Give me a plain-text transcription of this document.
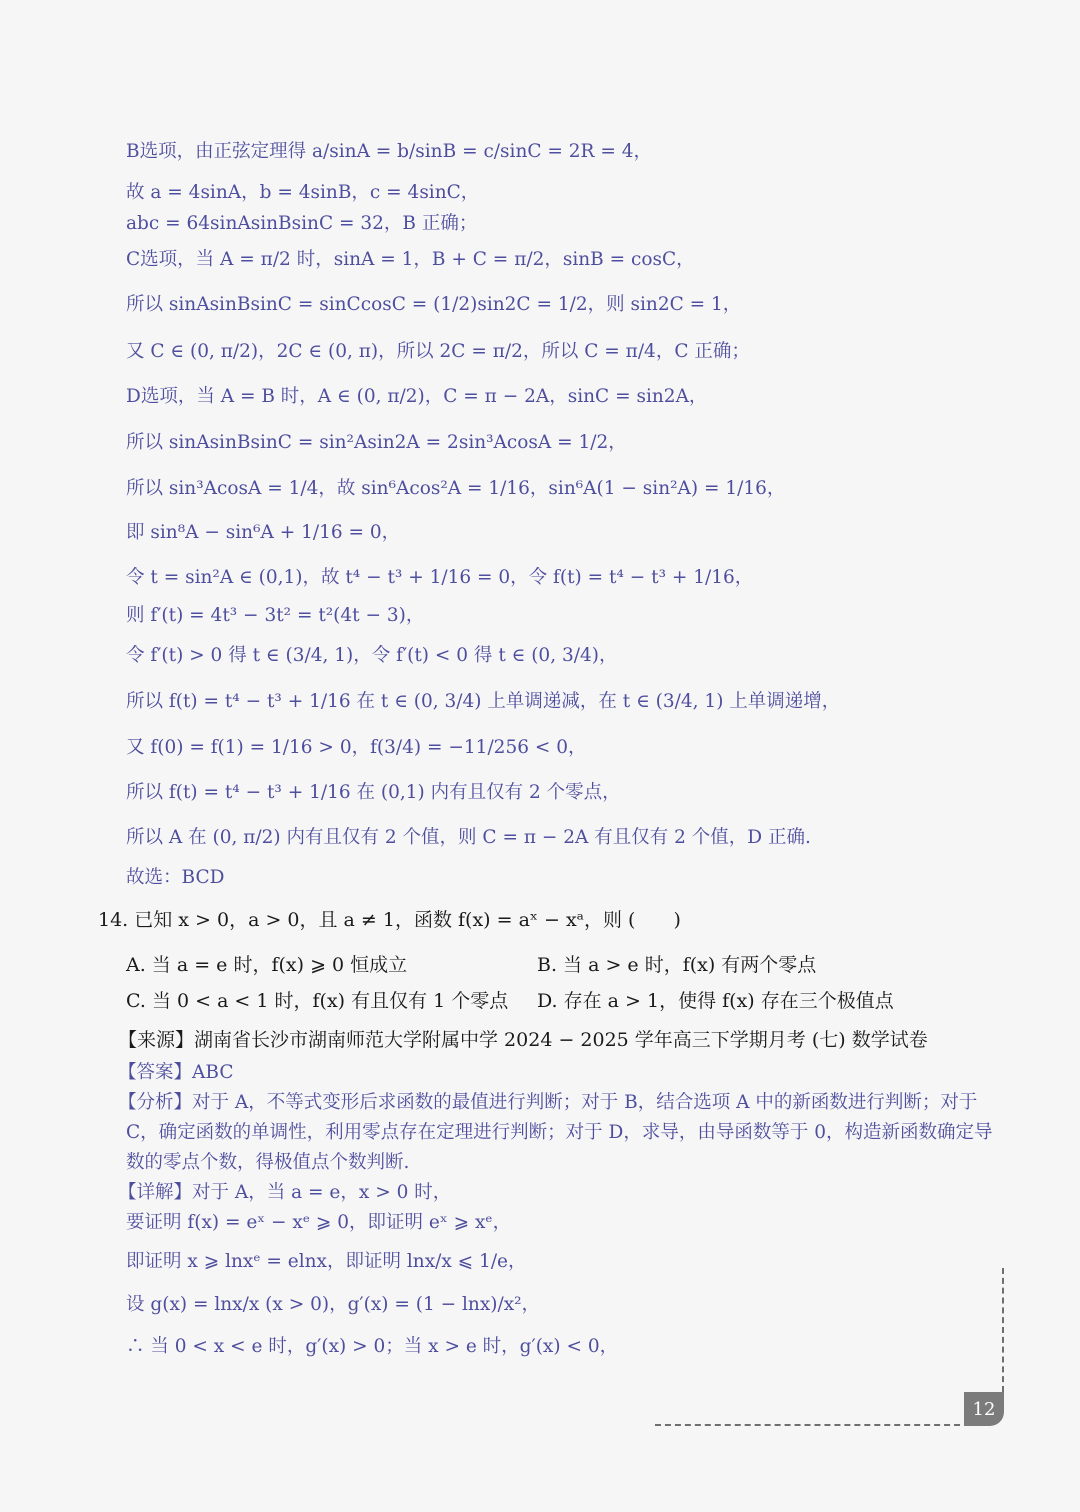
B选项，由正弦定理得 a/sinA = b/sinB = c/sinC = 2R = 4，
故 a = 4sinA，b = 4sinB，c = 4sinC，
abc = 64sinAsinBsinC = 32，B 正确；
C选项，当 A = π/2 时，sinA = 1，B + C = π/2，sinB = cosC，
所以 sinAsinBsinC = sinCcosC = (1/2)sin2C = 1/2，则 sin2C = 1，
又 C ∈ (0, π/2)，2C ∈ (0, π)，所以 2C = π/2，所以 C = π/4，C 正确；
D选项，当 A = B 时，A ∈ (0, π/2)，C = π − 2A，sinC = sin2A，
所以 sinAsinBsinC = sin²Asin2A = 2sin³AcosA = 1/2，
所以 sin³AcosA = 1/4，故 sin⁶Acos²A = 1/16，sin⁶A(1 − sin²A) = 1/16，
即 sin⁸A − sin⁶A + 1/16 = 0，
令 t = sin²A ∈ (0,1)，故 t⁴ − t³ + 1/16 = 0，令 f(t) = t⁴ − t³ + 1/16，
则 f′(t) = 4t³ − 3t² = t²(4t − 3)，
令 f′(t) > 0 得 t ∈ (3/4, 1)，令 f′(t) < 0 得 t ∈ (0, 3/4)，
所以 f(t) = t⁴ − t³ + 1/16 在 t ∈ (0, 3/4) 上单调递减，在 t ∈ (3/4, 1) 上单调递增，
又 f(0) = f(1) = 1/16 > 0，f(3/4) = −11/256 < 0，
所以 f(t) = t⁴ − t³ + 1/16 在 (0,1) 内有且仅有 2 个零点，
所以 A 在 (0, π/2) 内有且仅有 2 个值，则 C = π − 2A 有且仅有 2 个值，D 正确.
故选：BCD
14. 已知 x > 0，a > 0，且 a ≠ 1，函数 f(x) = aˣ − xᵃ，则 (　　)
A. 当 a = e 时，f(x) ⩾ 0 恒成立	B. 当 a > e 时，f(x) 有两个零点
C. 当 0 < a < 1 时，f(x) 有且仅有 1 个零点 D. 存在 a > 1，使得 f(x) 存在三个极值点
【来源】湖南省长沙市湖南师范大学附属中学 2024 − 2025 学年高三下学期月考 (七) 数学试卷
【答案】ABC
【分析】对于 A，不等式变形后求函数的最值进行判断；对于 B，结合选项 A 中的新函数进行判断；对于
C，确定函数的单调性，利用零点存在定理进行判断；对于 D，求导，由导函数等于 0，构造新函数确定导
数的零点个数，得极值点个数判断.
【详解】对于 A，当 a = e，x > 0 时，
要证明 f(x) = eˣ − xᵉ ⩾ 0，即证明 eˣ ⩾ xᵉ，
即证明 x ⩾ lnxᵉ = elnx，即证明 lnx/x ⩽ 1/e，
设 g(x) = lnx/x (x > 0)，g′(x) = (1 − lnx)/x²，
∴ 当 0 < x < e 时，g′(x) > 0；当 x > e 时，g′(x) < 0，
12
